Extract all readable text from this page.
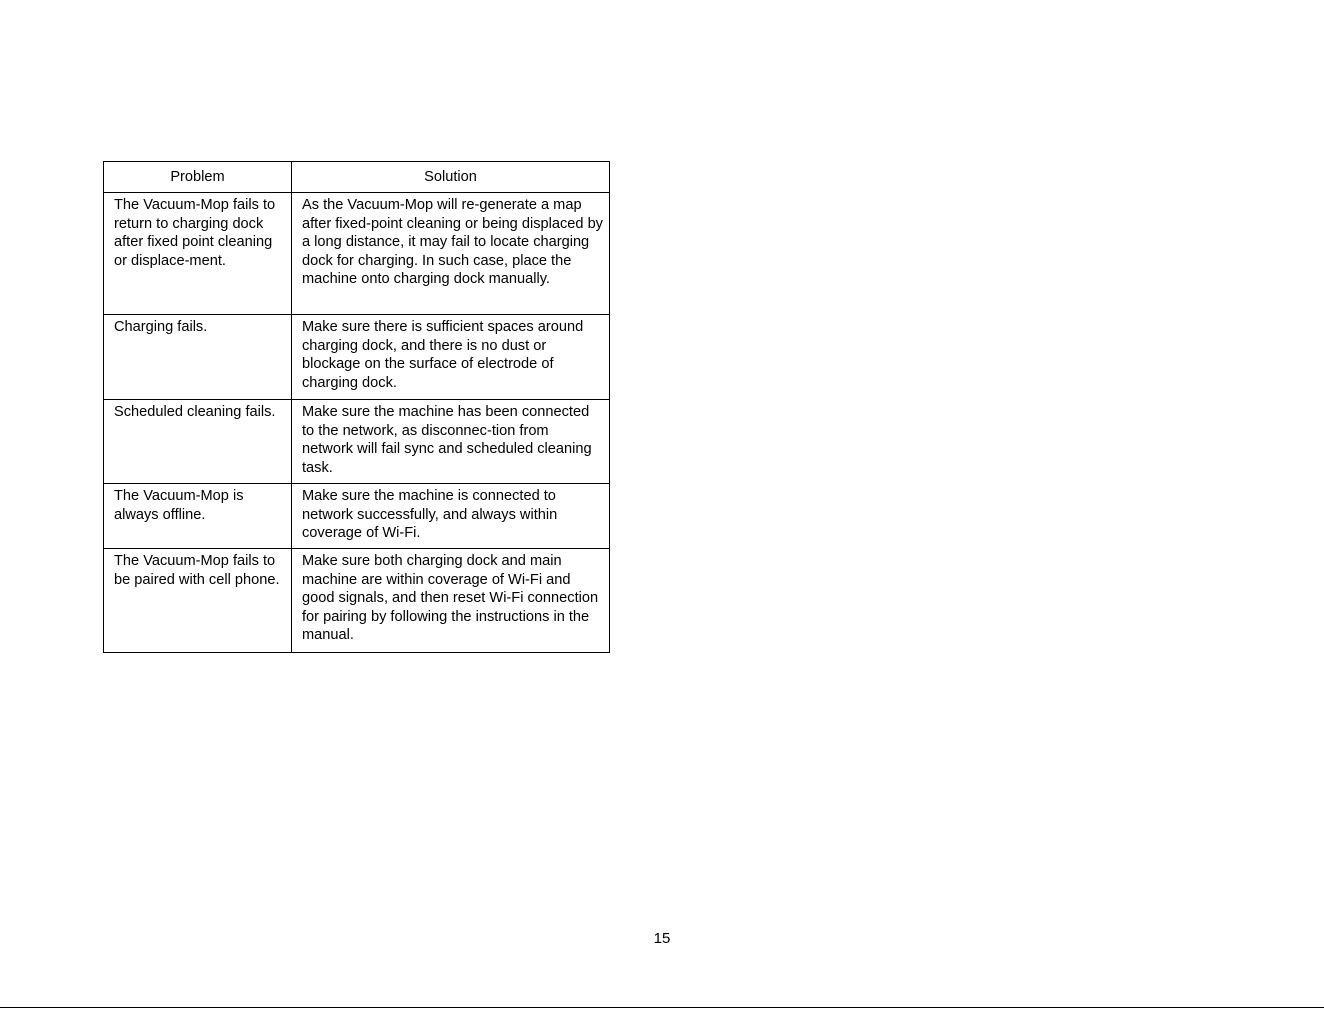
Problem	Solution

The Vacuum-Mop fails to return to charging dock after fixed point cleaning or displace-ment.	As the Vacuum-Mop will re-generate a map after fixed-point cleaning or being displaced by a long distance, it may fail to locate charging dock for charging. In such case, place the machine onto charging dock manually.

Charging fails.	Make sure there is sufficient spaces around charging dock, and there is no dust or blockage on the surface of electrode of charging dock.

Scheduled cleaning fails.	Make sure the machine has been connected to the network, as disconnec-tion from network will fail sync and scheduled cleaning task.

The Vacuum-Mop is always offline.	Make sure the machine is connected to network successfully, and always within coverage of Wi-Fi.

The Vacuum-Mop fails to be paired with cell phone.	Make sure both charging dock and main machine are within coverage of Wi-Fi and good signals, and then reset Wi-Fi connection for pairing by following the instructions in the manual.
15
